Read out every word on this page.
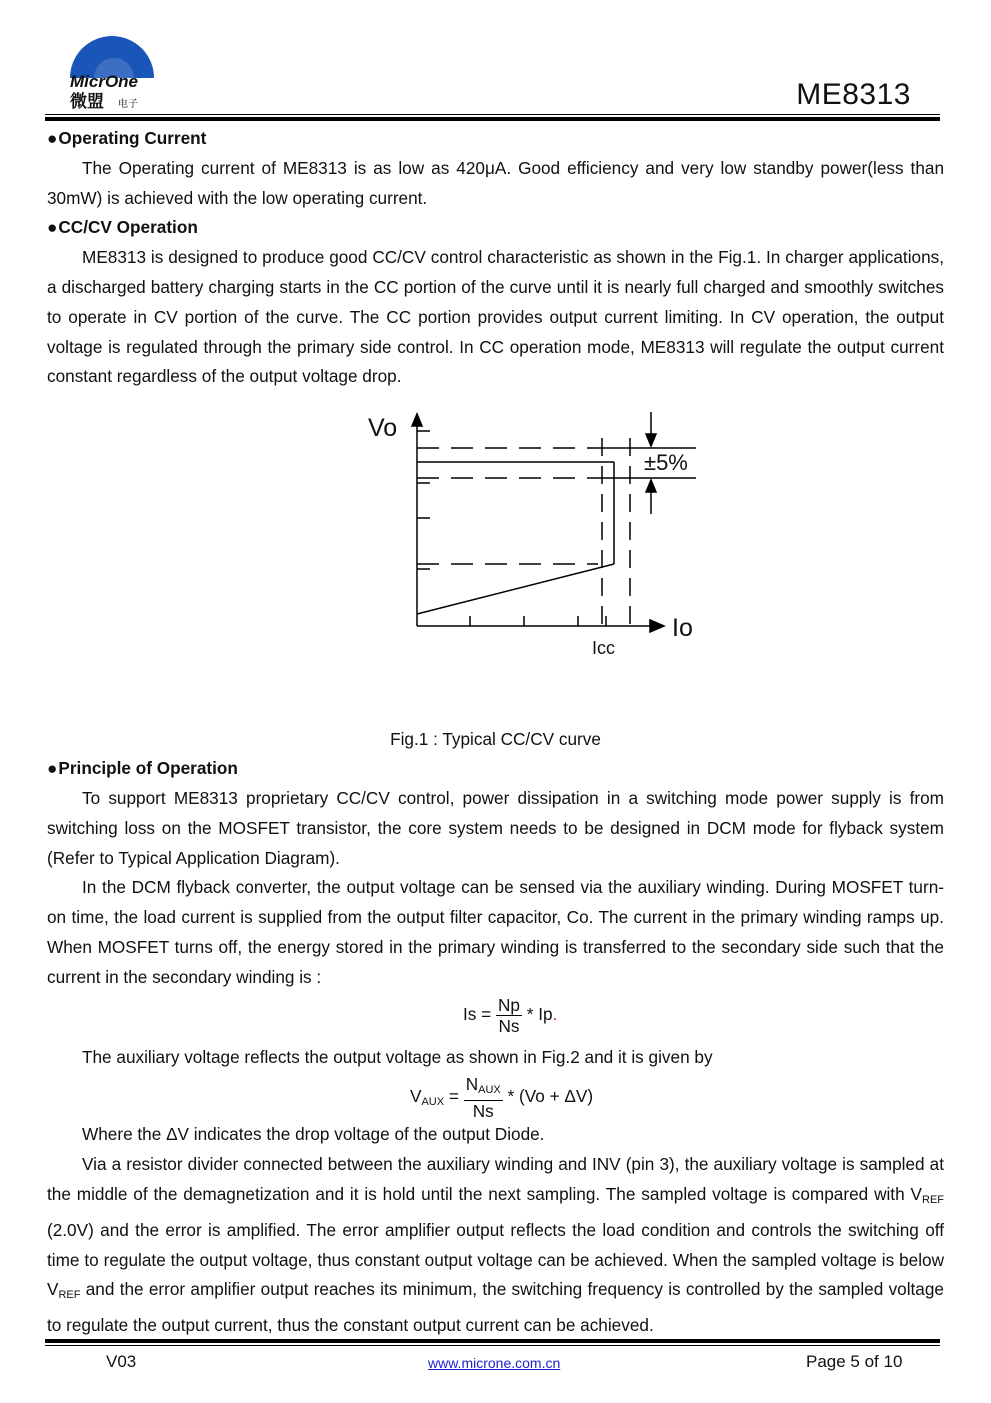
MicrOne
微盟 电子	ME8313
●Operating Current

The Operating current of ME8313 is as low as 420μA. Good efficiency and very low standby power(less than 30mW) is achieved with the low operating current.

●CC/CV Operation

ME8313 is designed to produce good CC/CV control characteristic as shown in the Fig.1. In charger applications, a discharged battery charging starts in the CC portion of the curve until it is nearly full charged and smoothly switches to operate in CV portion of the curve. The CC portion provides output current limiting. In CV operation, the output voltage is regulated through the primary side control. In CC operation mode, ME8313 will regulate the output current constant regardless of the output voltage drop.

Vo
Io
Icc
±5%
Fig.1 : Typical CC/CV curve
●Principle of Operation

To support ME8313 proprietary CC/CV control, power dissipation in a switching mode power supply is from switching loss on the MOSFET transistor, the core system needs to be designed in DCM mode for flyback system (Refer to Typical Application Diagram).

In the DCM flyback converter, the output voltage can be sensed via the auxiliary winding. During MOSFET turn-on time, the load current is supplied from the output filter capacitor, Co. The current in the primary winding ramps up. When MOSFET turns off, the energy stored in the primary winding is transferred to the secondary side such that the current in the secondary winding is :

$Is = \frac{Np}{Ns} * Ip$.

The auxiliary voltage reflects the output voltage as shown in Fig.2 and it is given by

$V_{AUX} = \frac{N_{AUX}}{Ns} * (Vo + \Delta V)$

Where the ΔV indicates the drop voltage of the output Diode.

Via a resistor divider connected between the auxiliary winding and INV (pin 3), the auxiliary voltage is sampled at the middle of the demagnetization and it is hold until the next sampling. The sampled voltage is compared with $V_{REF}$ (2.0V) and the error is amplified. The error amplifier output reflects the load condition and controls the switching off time to regulate the output voltage, thus constant output voltage can be achieved. When the sampled voltage is below $V_{REF}$ and the error amplifier output reaches its minimum, the switching frequency is controlled by the sampled voltage to regulate the output current, thus the constant output current can be achieved.

V03	www.microne.com.cn	Page 5 of 10
